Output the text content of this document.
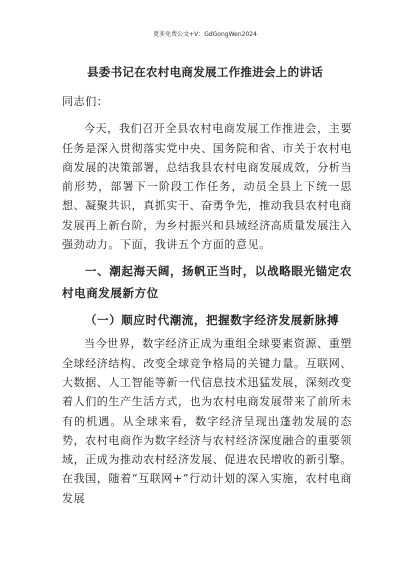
更多免费公文+V：GdGongWen2024
县委书记在农村电商发展工作推进会上的讲话

同志们：

今天，我们召开全县农村电商发展工作推进会，主要任务是深入贯彻落实党中央、国务院和省、市关于农村电商发展的决策部署，总结我县农村电商发展成效，分析当前形势，部署下一阶段工作任务，动员全县上下统一思想、凝聚共识，真抓实干、奋勇争先，推动我县农村电商发展再上新台阶，为乡村振兴和县域经济高质量发展注入强劲动力。下面，我讲五个方面的意见。

一、潮起海天阔，扬帆正当时，以战略眼光锚定农村电商发展新方位

（一）顺应时代潮流，把握数字经济发展新脉搏

当今世界，数字经济正成为重组全球要素资源、重塑全球经济结构、改变全球竞争格局的关键力量。互联网、大数据、人工智能等新一代信息技术迅猛发展，深刻改变着人们的生产生活方式，也为农村电商发展带来了前所未有的机遇。从全球来看，数字经济呈现出蓬勃发展的态势，农村电商作为数字经济与农村经济深度融合的重要领域，正成为推动农村经济发展、促进农民增收的新引擎。在我国，随着“互联网+”行动计划的深入实施，农村电商发展
